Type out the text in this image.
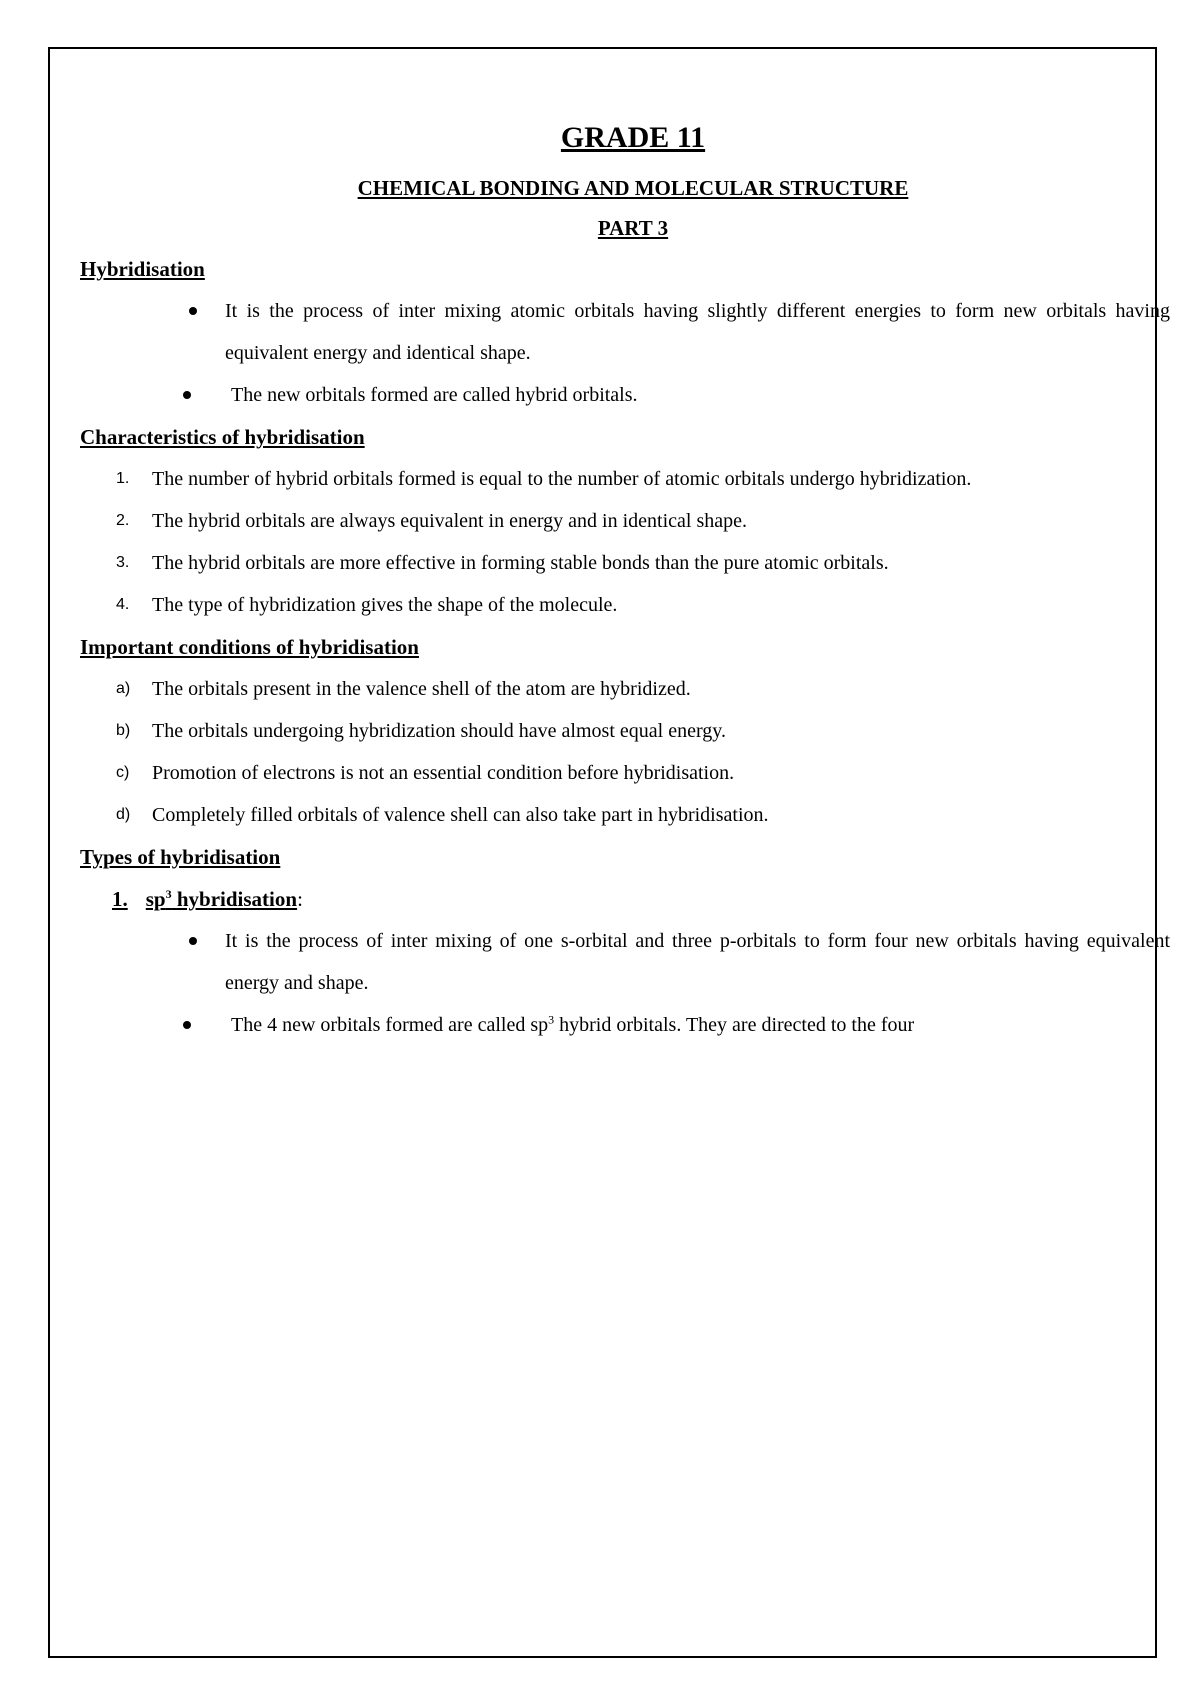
GRADE 11
CHEMICAL BONDING AND MOLECULAR STRUCTURE
PART 3
Hybridisation
It is the process of inter mixing atomic orbitals having slightly different energies to form new orbitals having equivalent energy and identical shape.
The new orbitals formed are called hybrid orbitals.
Characteristics of hybridisation
1. The number of hybrid orbitals formed is equal to the number of atomic orbitals undergo hybridization.
2. The hybrid orbitals are always equivalent in energy and in identical shape.
3. The hybrid orbitals are more effective in forming stable bonds than the pure atomic orbitals.
4. The type of hybridization gives the shape of the molecule.
Important conditions of hybridisation
a) The orbitals present in the valence shell of the atom are hybridized.
b) The orbitals undergoing hybridization should have almost equal energy.
c) Promotion of electrons is not an essential condition before hybridisation.
d) Completely filled orbitals of valence shell can also take part in hybridisation.
Types of hybridisation
1. $sp^3$ hybridisation:
It is the process of inter mixing of one s-orbital and three p-orbitals to form four new orbitals having equivalent energy and shape.
The 4 new orbitals formed are called $sp^3$ hybrid orbitals. They are directed to the four
